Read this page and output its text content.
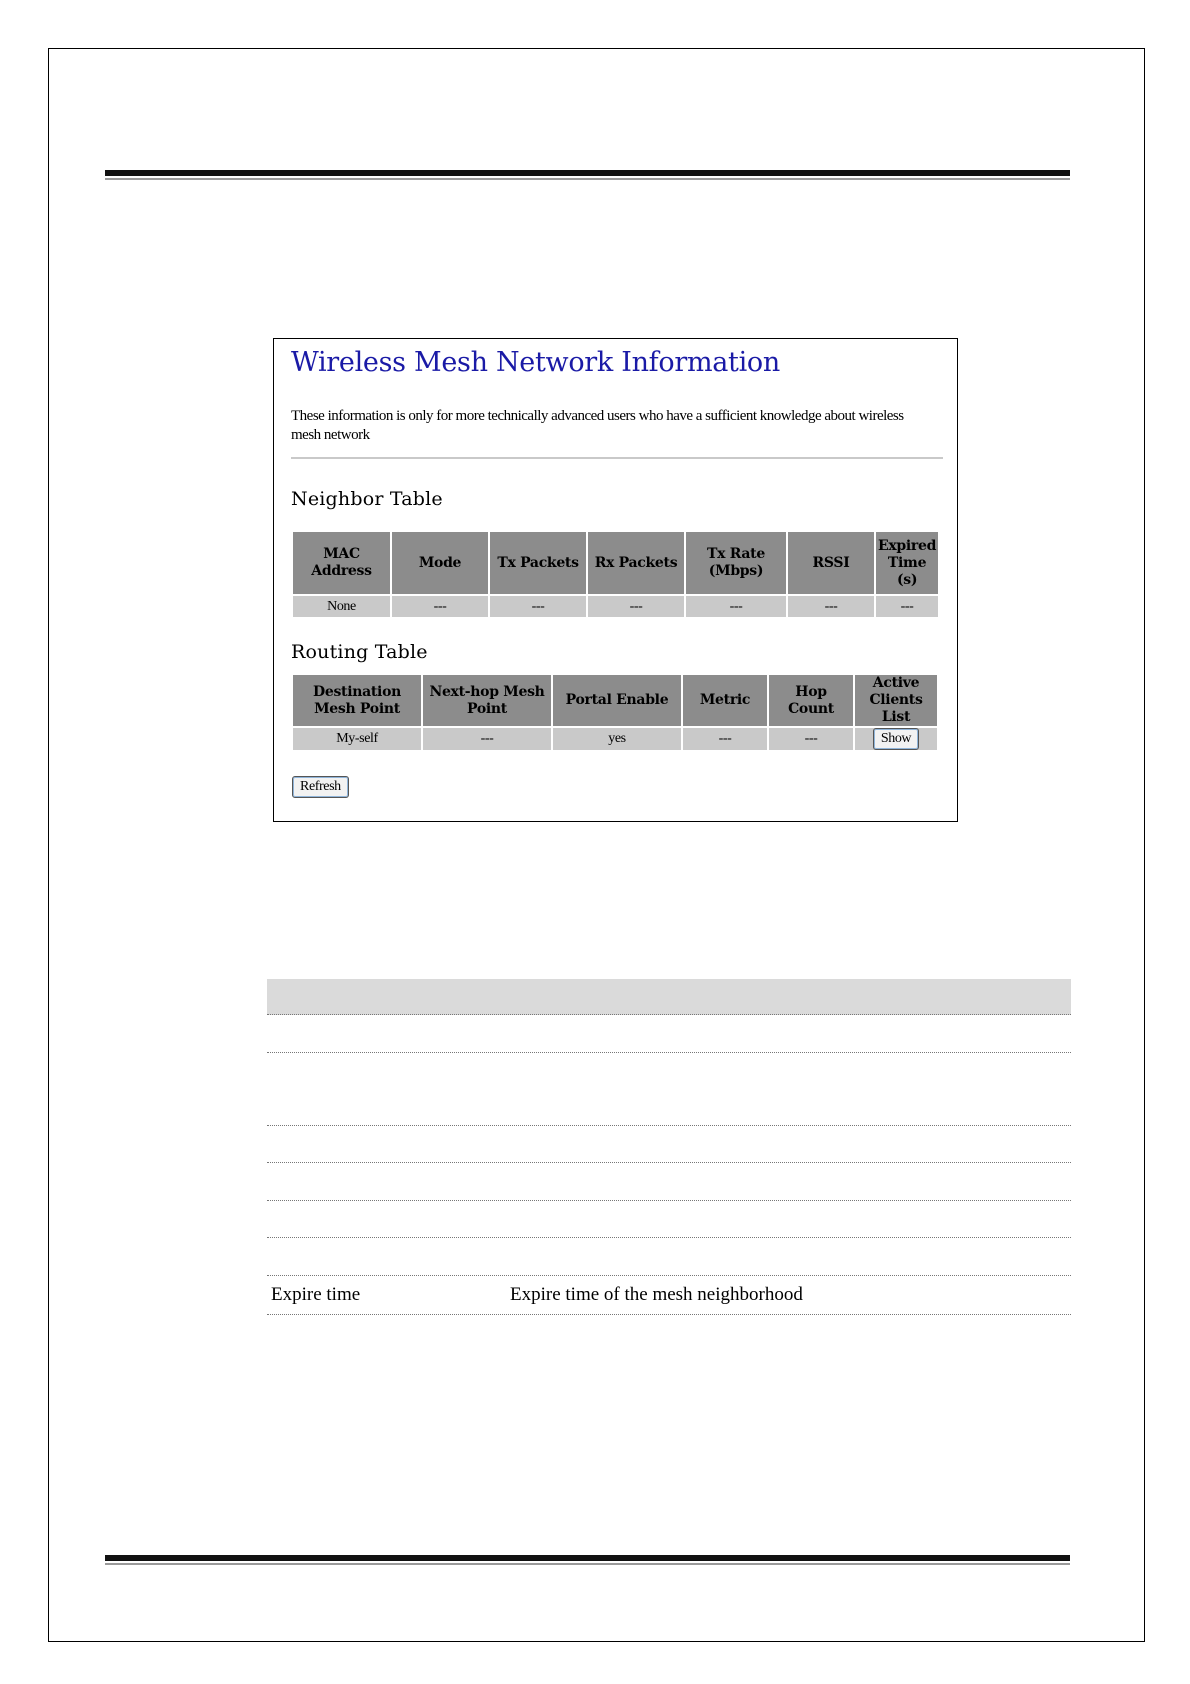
Wireless Mesh Network Information
These information is only for more technically advanced users who have a sufficient knowledge about wireless mesh network
Neighbor Table
MAC Address	Mode	Tx Packets	Rx Packets	Tx Rate (Mbps)	RSSI	Expired Time (s)
None	---	---	---	---	---	---
Routing Table
Destination Mesh Point	Next-hop Mesh Point	Portal Enable	Metric	Hop Count	Active Clients List
My-self	---	yes	---	---	Show
Refresh
Expire time	Expire time of the mesh neighborhood
